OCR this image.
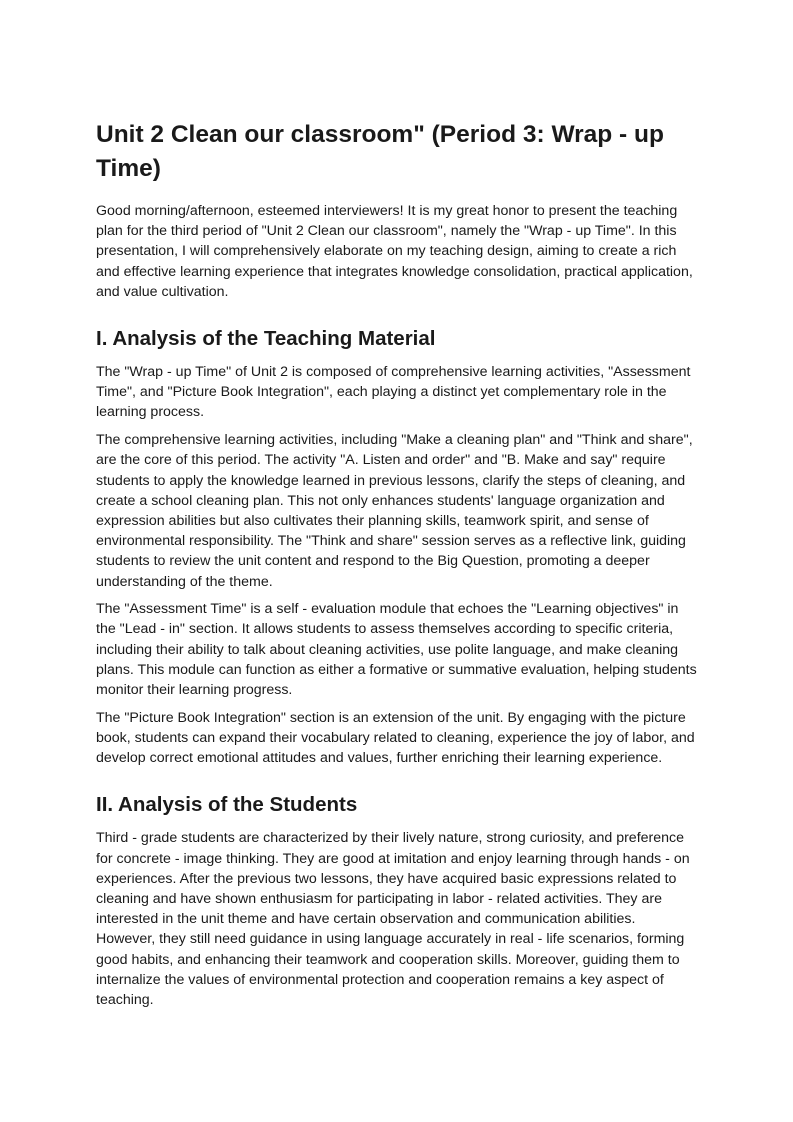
Unit 2 Clean our classroom" (Period 3: Wrap - up Time)

Good morning/afternoon, esteemed interviewers! It is my great honor to present the teaching plan for the third period of "Unit 2 Clean our classroom", namely the "Wrap - up Time". In this presentation, I will comprehensively elaborate on my teaching design, aiming to create a rich and effective learning experience that integrates knowledge consolidation, practical application, and value cultivation.

I. Analysis of the Teaching Material

The "Wrap - up Time" of Unit 2 is composed of comprehensive learning activities, "Assessment Time", and "Picture Book Integration", each playing a distinct yet complementary role in the learning process.

The comprehensive learning activities, including "Make a cleaning plan" and "Think and share", are the core of this period. The activity "A. Listen and order" and "B. Make and say" require students to apply the knowledge learned in previous lessons, clarify the steps of cleaning, and create a school cleaning plan. This not only enhances students' language organization and expression abilities but also cultivates their planning skills, teamwork spirit, and sense of environmental responsibility. The "Think and share" session serves as a reflective link, guiding students to review the unit content and respond to the Big Question, promoting a deeper understanding of the theme.

The "Assessment Time" is a self - evaluation module that echoes the "Learning objectives" in the "Lead - in" section. It allows students to assess themselves according to specific criteria, including their ability to talk about cleaning activities, use polite language, and make cleaning plans. This module can function as either a formative or summative evaluation, helping students monitor their learning progress.

The "Picture Book Integration" section is an extension of the unit. By engaging with the picture book, students can expand their vocabulary related to cleaning, experience the joy of labor, and develop correct emotional attitudes and values, further enriching their learning experience.

II. Analysis of the Students

Third - grade students are characterized by their lively nature, strong curiosity, and preference for concrete - image thinking. They are good at imitation and enjoy learning through hands - on experiences. After the previous two lessons, they have acquired basic expressions related to cleaning and have shown enthusiasm for participating in labor - related activities. They are interested in the unit theme and have certain observation and communication abilities. However, they still need guidance in using language accurately in real - life scenarios, forming good habits, and enhancing their teamwork and cooperation skills. Moreover, guiding them to internalize the values of environmental protection and cooperation remains a key aspect of teaching.
